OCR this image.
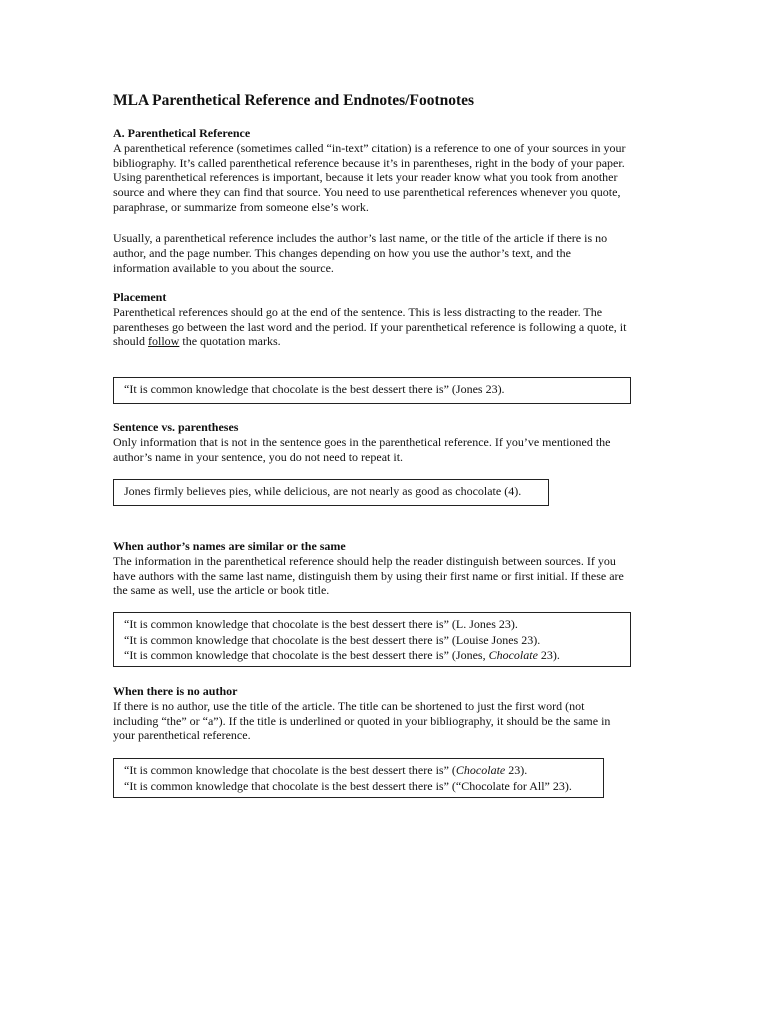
MLA Parenthetical Reference and Endnotes/Footnotes
A. Parenthetical Reference

A parenthetical reference (sometimes called “in-text” citation) is a reference to one of your sources in your
bibliography. It’s called parenthetical reference because it’s in parentheses, right in the body of your paper.
Using parenthetical references is important, because it lets your reader know what you took from another
source and where they can find that source. You need to use parenthetical references whenever you quote,
paraphrase, or summarize from someone else’s work.

Usually, a parenthetical reference includes the author’s last name, or the title of the article if there is no
author, and the page number. This changes depending on how you use the author’s text, and the
information available to you about the source.

Placement

Parenthetical references should go at the end of the sentence. This is less distracting to the reader. The
parentheses go between the last word and the period. If your parenthetical reference is following a quote, it
should follow the quotation marks.

“It is common knowledge that chocolate is the best dessert there is” (Jones 23).
Sentence vs. parentheses

Only information that is not in the sentence goes in the parenthetical reference. If you’ve mentioned the
author’s name in your sentence, you do not need to repeat it.

Jones firmly believes pies, while delicious, are not nearly as good as chocolate (4).
When author’s names are similar or the same

The information in the parenthetical reference should help the reader distinguish between sources. If you
have authors with the same last name, distinguish them by using their first name or first initial. If these are
the same as well, use the article or book title.

“It is common knowledge that chocolate is the best dessert there is” (L. Jones 23).
“It is common knowledge that chocolate is the best dessert there is” (Louise Jones 23).
“It is common knowledge that chocolate is the best dessert there is” (Jones, Chocolate 23).
When there is no author

If there is no author, use the title of the article. The title can be shortened to just the first word (not
including “the” or “a”). If the title is underlined or quoted in your bibliography, it should be the same in
your parenthetical reference.

“It is common knowledge that chocolate is the best dessert there is” (Chocolate 23).
“It is common knowledge that chocolate is the best dessert there is” (“Chocolate for All” 23).
